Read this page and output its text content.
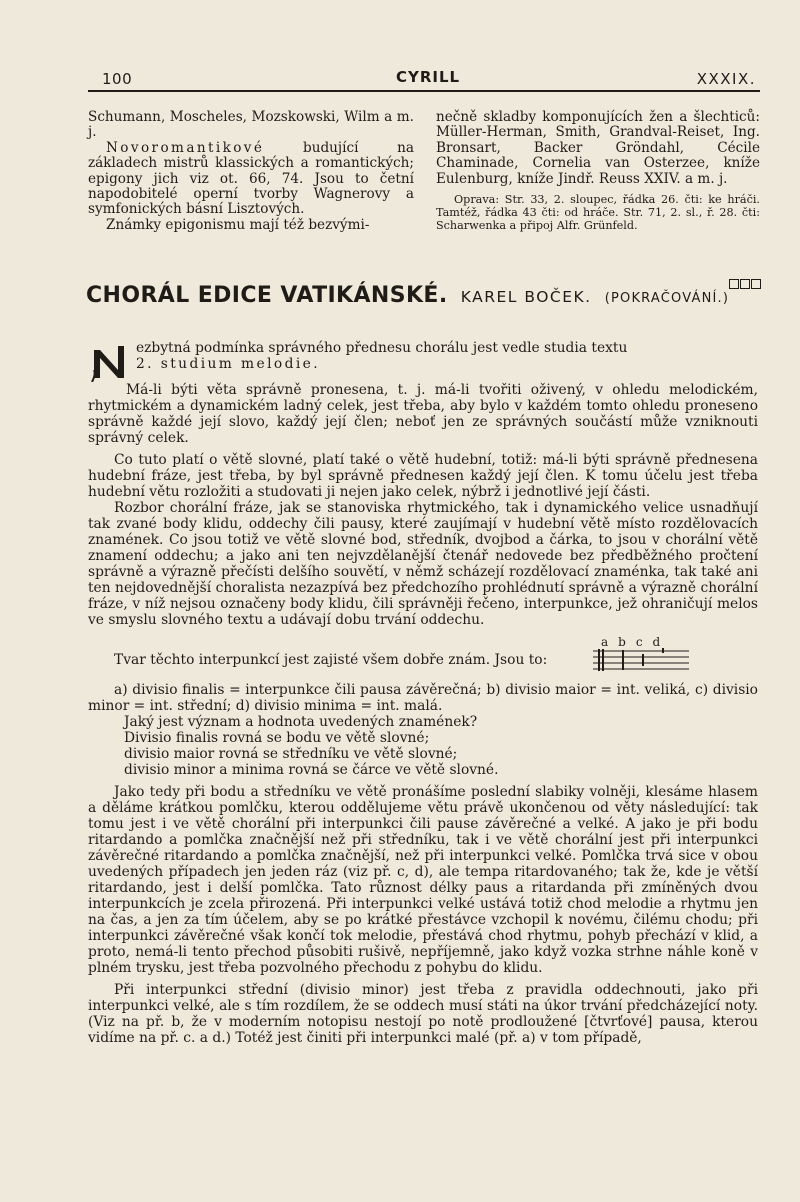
100	CYRILL	XXXIX.

Schumann, Moscheles, Mozskowski, Wilm a m. j.

Novoromantikové budující na základech mistrů klassických a romantických; epigony jich viz ot. 66, 74. Jsou to četní napodobitelé operní tvorby Wagnerovy a symfonických básní Lisztových.

Známky epigonismu mají též bezvými-

nečně skladby komponujících žen a šlechticů: Müller-Herman, Smith, Grandval-Reiset, Ing. Bronsart, Backer Gröndahl, Cécile Chaminade, Cornelia van Osterzee, kníže Eulenburg, kníže Jindř. Reuss XXIV. a m. j.

Oprava: Str. 33, 2. sloupec, řádka 26. čti: ke hráči. Tamtéž, řádka 43 čti: od hráče. Str. 71, 2. sl., ř. 28. čti: Scharwenka a připoj Alfr. Grünfeld.

CHORÁL EDICE VATIKÁNSKÉ. KAREL BOČEK. (POKRAČOVÁNÍ.)

ezbytná podmínka správného přednesu chorálu jest vedle studia textu

2. studium melodie.

Má-li býti věta správně pronesena, t. j. má-li tvořiti oživený, v ohledu melodickém, rhytmickém a dynamickém ladný celek, jest třeba, aby bylo v každém tomto ohledu proneseno správně každé její slovo, každý její člen; neboť jen ze správných součástí může vzniknouti správný celek.

Co tuto platí o větě slovné, platí také o větě hudební, totiž: má-li býti správně přednesena hudební fráze, jest třeba, by byl správně přednesen každý její člen. K tomu účelu jest třeba hudební větu rozložiti a studovati ji nejen jako celek, nýbrž i jednotlivé její části.

Rozbor chorální fráze, jak se stanoviska rhytmického, tak i dynamického velice usnadňují tak zvané body klidu, oddechy čili pausy, které zaujímají v hudební větě místo rozdělovacích znamének. Co jsou totiž ve větě slovné bod, středník, dvojbod a čárka, to jsou v chorální větě znamení oddechu; a jako ani ten nejvzdělanější čtenář nedovede bez předběžného pročtení správně a výrazně přečísti delšího souvětí, v němž scházejí rozdělovací znaménka, tak také ani ten nejdovednější choralista nezazpívá bez předchozího prohlédnutí správně a výrazně chorální fráze, v níž nejsou označeny body klidu, čili správněji řečeno, interpunkce, jež ohraničují melos ve smyslu slovného textu a udávají dobu trvání oddechu.

Tvar těchto interpunkcí jest zajisté všem dobře znám. Jsou to:
abcd

a) divisio finalis = interpunkce čili pausa závěrečná; b) divisio maior = int. veliká, c) divisio minor = int. střední; d) divisio minima = int. malá.

Jaký jest význam a hodnota uvedených znamének?

Divisio finalis rovná se bodu ve větě slovné;

divisio maior rovná se středníku ve větě slovné;

divisio minor a minima rovná se čárce ve větě slovné.

Jako tedy při bodu a středníku ve větě pronášíme poslední slabiky volněji, klesáme hlasem a děláme krátkou pomlčku, kterou oddělujeme větu právě ukončenou od věty následující: tak tomu jest i ve větě chorální při interpunkci čili pause závěrečné a velké. A jako je při bodu ritardando a pomlčka značnější než při středníku, tak i ve větě chorální jest při interpunkci závěrečné ritardando a pomlčka značnější, než při interpunkci velké. Pomlčka trvá sice v obou uvedených případech jen jeden ráz (viz př. c, d), ale tempa ritardovaného; tak že, kde je větší ritardando, jest i delší pomlčka. Tato různost délky paus a ritardanda při zmíněných dvou interpunkcích je zcela přirozená. Při interpunkci velké ustává totiž chod melodie a rhytmu jen na čas, a jen za tím účelem, aby se po krátké přestávce vzchopil k novému, čilému chodu; při interpunkci závěrečné však končí tok melodie, přestává chod rhytmu, pohyb přechází v klid, a proto, nemá-li tento přechod působiti rušivě, nepříjemně, jako když vozka strhne náhle koně v plném trysku, jest třeba pozvolného přechodu z pohybu do klidu.

Při interpunkci střední (divisio minor) jest třeba z pravidla oddechnouti, jako při interpunkci velké, ale s tím rozdílem, že se oddech musí státi na úkor trvání předcházející noty. (Viz na př. b, že v moderním notopisu nestojí po notě prodloužené [čtvrťové] pausa, kterou vidíme na př. c. a d.) Totéž jest činiti při interpunkci malé (př. a) v tom případě,
